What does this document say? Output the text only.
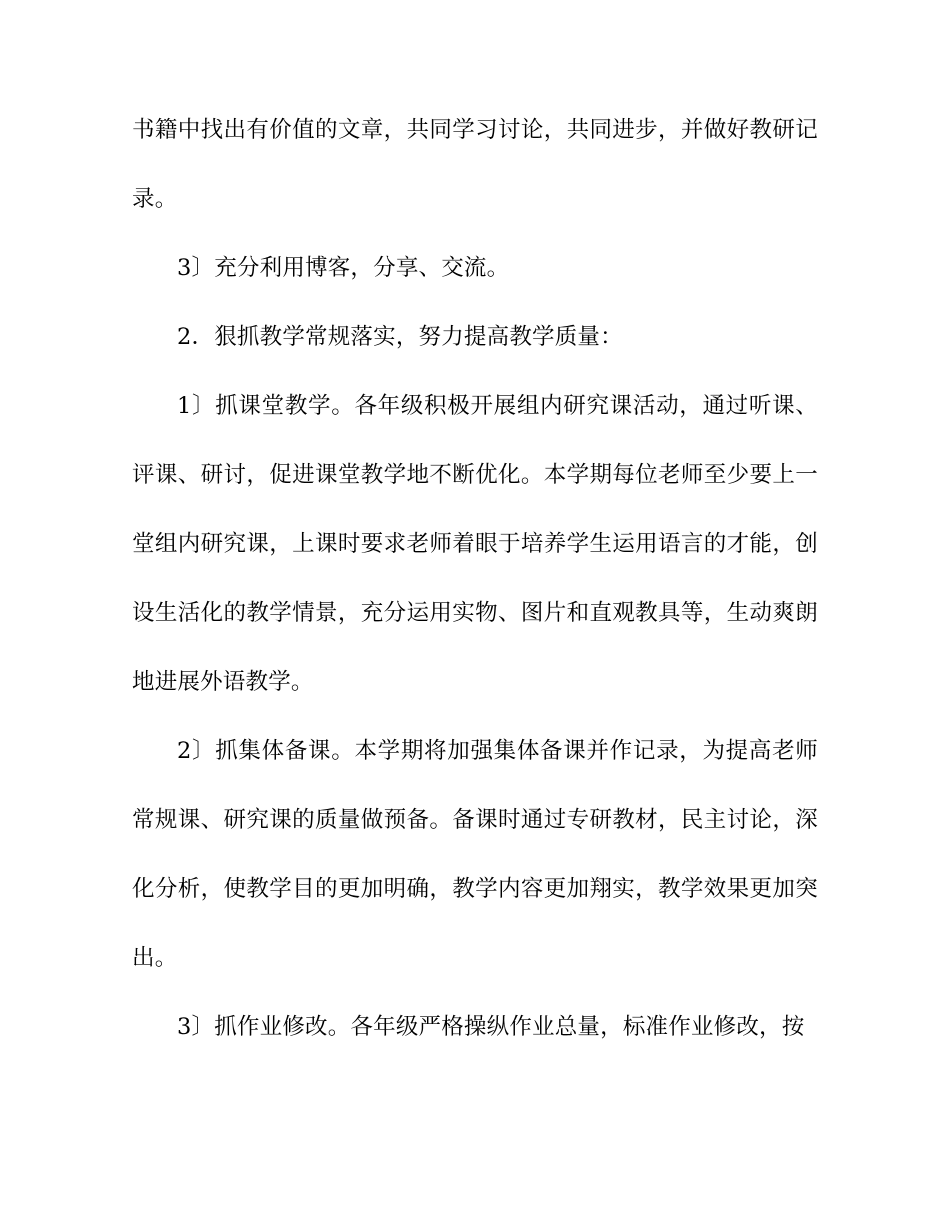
书籍中找出有价值的文章，共同学习讨论，共同进步，并做好教研记录。

3〕充分利用博客，分享、交流。

2．狠抓教学常规落实，努力提高教学质量：

1〕抓课堂教学。各年级积极开展组内研究课活动，通过听课、评课、研讨，促进课堂教学地不断优化。本学期每位老师至少要上一堂组内研究课，上课时要求老师着眼于培养学生运用语言的才能，创设生活化的教学情景，充分运用实物、图片和直观教具等，生动爽朗地进展外语教学。

2〕抓集体备课。本学期将加强集体备课并作记录，为提高老师常规课、研究课的质量做预备。备课时通过专研教材，民主讨论，深化分析，使教学目的更加明确，教学内容更加翔实，教学效果更加突出。

3〕抓作业修改。各年级严格操纵作业总量，标准作业修改，按
